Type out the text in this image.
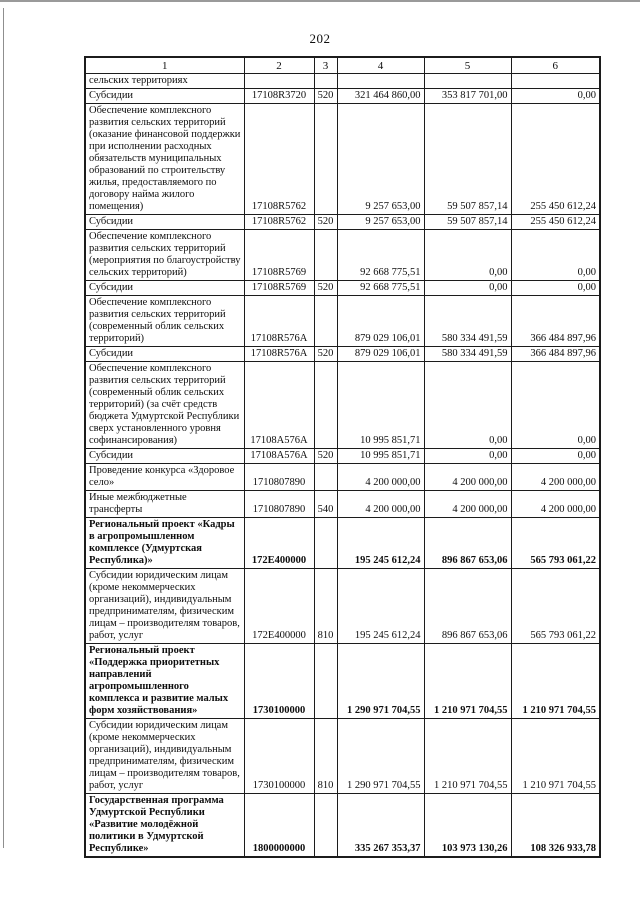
202
1	2	3	4	5	6
сельских территориях					
Субсидии	17108R3720	520	321 464 860,00	353 817 701,00	0,00
Обеспечение комплексного развития сельских территорий (оказание финансовой поддержки при исполнении расходных обязательств муниципальных образований по строительству жилья, предоставляемого по договору найма жилого помещения)	17108R5762		9 257 653,00	59 507 857,14	255 450 612,24
Субсидии	17108R5762	520	9 257 653,00	59 507 857,14	255 450 612,24
Обеспечение комплексного развития сельских территорий (мероприятия по благоустройству сельских территорий)	17108R5769		92 668 775,51	0,00	0,00
Субсидии	17108R5769	520	92 668 775,51	0,00	0,00
Обеспечение комплексного развития сельских территорий (современный облик сельских территорий)	17108R576A		879 029 106,01	580 334 491,59	366 484 897,96
Субсидии	17108R576A	520	879 029 106,01	580 334 491,59	366 484 897,96
Обеспечение комплексного развития сельских территорий (современный облик сельских территорий) (за счёт средств бюджета Удмуртской Республики сверх установленного уровня софинансирования)	17108A576A		10 995 851,71	0,00	0,00
Субсидии	17108A576A	520	10 995 851,71	0,00	0,00
Проведение конкурса «Здоровое село»	1710807890		4 200 000,00	4 200 000,00	4 200 000,00
Иные межбюджетные трансферты	1710807890	540	4 200 000,00	4 200 000,00	4 200 000,00
Региональный проект «Кадры в агропромышленном комплексе (Удмуртская Республика)»	172E400000		195 245 612,24	896 867 653,06	565 793 061,22
Субсидии юридическим лицам (кроме некоммерческих организаций), индивидуальным предпринимателям, физическим лицам – производителям товаров, работ, услуг	172E400000	810	195 245 612,24	896 867 653,06	565 793 061,22
Региональный проект «Поддержка приоритетных направлений агропромышленного комплекса и развитие малых форм хозяйствования»	1730100000		1 290 971 704,55	1 210 971 704,55	1 210 971 704,55
Субсидии юридическим лицам (кроме некоммерческих организаций), индивидуальным предпринимателям, физическим лицам – производителям товаров, работ, услуг	1730100000	810	1 290 971 704,55	1 210 971 704,55	1 210 971 704,55
Государственная программа Удмуртской Республики «Развитие молодёжной политики в Удмуртской Республике»	1800000000		335 267 353,37	103 973 130,26	108 326 933,78
